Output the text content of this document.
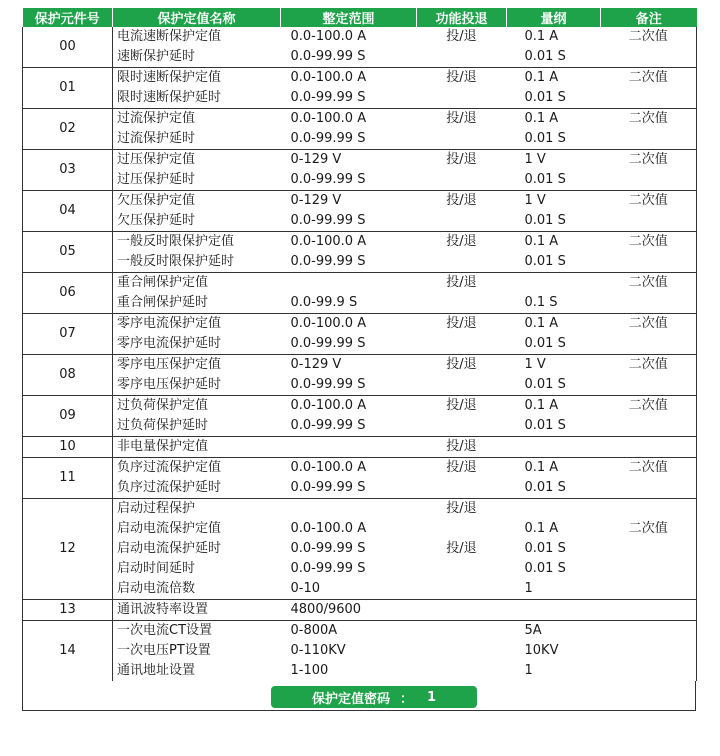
保护元件号	保护定值名称	整定范围	功能投退	量纲	备注
00	电流速断保护定值	0.0-100.0 A	投/退	0.1 A	二次值
	速断保护延时	0.0-99.99 S		0.01 S	
01	限时速断保护定值	0.0-100.0 A	投/退	0.1 A	二次值
	限时速断保护延时	0.0-99.99 S		0.01 S	
02	过流保护定值	0.0-100.0 A	投/退	0.1 A	二次值
	过流保护延时	0.0-99.99 S		0.01 S	
03	过压保护定值	0-129 V	投/退	1 V	二次值
	过压保护延时	0.0-99.99 S		0.01 S	
04	欠压保护定值	0-129 V	投/退	1 V	二次值
	欠压保护延时	0.0-99.99 S		0.01 S	
05	一般反时限保护定值	0.0-100.0 A	投/退	0.1 A	二次值
	一般反时限保护延时	0.0-99.99 S		0.01 S	
06	重合闸保护定值		投/退		二次值
	重合闸保护延时	0.0-99.9 S		0.1 S	
07	零序电流保护定值	0.0-100.0 A	投/退	0.1 A	二次值
	零序电流保护延时	0.0-99.99 S		0.01 S	
08	零序电压保护定值	0-129 V	投/退	1 V	二次值
	零序电压保护延时	0.0-99.99 S		0.01 S	
09	过负荷保护定值	0.0-100.0 A	投/退	0.1 A	二次值
	过负荷保护延时	0.0-99.99 S		0.01 S	
10	非电量保护定值		投/退		
11	负序过流保护定值	0.0-100.0 A	投/退	0.1 A	二次值
	负序过流保护延时	0.0-99.99 S		0.01 S	
12	启动过程保护		投/退		
	启动电流保护定值	0.0-100.0 A		0.1 A	二次值
	启动电流保护延时	0.0-99.99 S	投/退	0.01 S	
	启动时间延时	0.0-99.99 S		0.01 S	
	启动电流倍数	0-10		1	
13	通讯波特率设置	4800/9600			
14	一次电流CT设置	0-800A		5A	
	一次电压PT设置	0-110KV		10KV	
	通讯地址设置	1-100		1	
保护定值密码 ： 1
